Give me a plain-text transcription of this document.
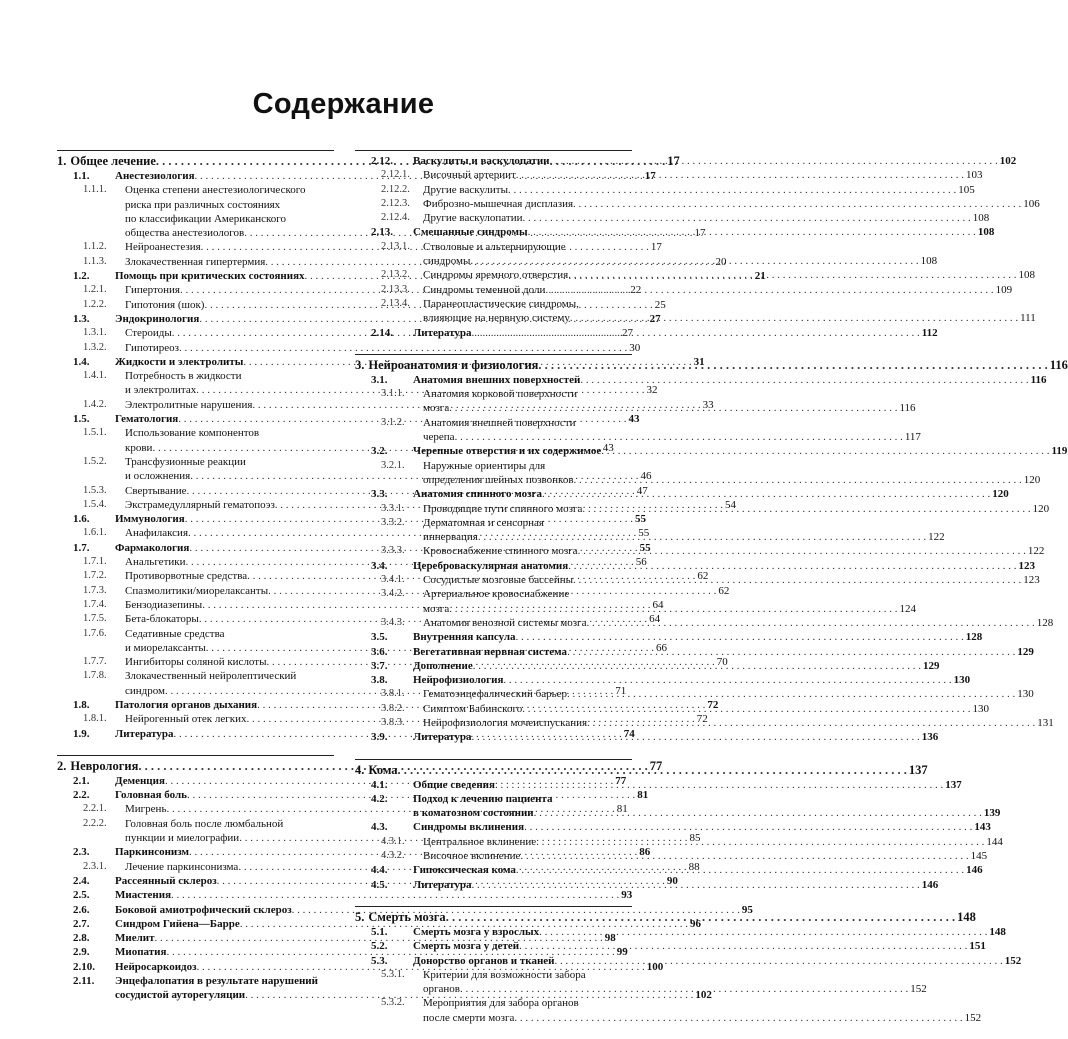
Содержание
1. Общее лечение . . .	17
1.1.	Анестезиология . . .	17
1.1.1.	Оценка степени анестезиологического
риска при различных состояниях
по классификации Американского
общества анестезиологов . . .	17
1.1.2.	Нейроанестезия . . .	17
1.1.3.	Злокачественная гипертермия . . .	20
1.2.	Помощь при критических состояниях . . .	21
1.2.1.	Гипертония . . .	22
1.2.2.	Гипотония (шок) . . .	25
1.3.	Эндокринология . . .	27
1.3.1.	Стероиды . . .	27
1.3.2.	Гипотиреоз . . .	30
1.4.	Жидкости и электролиты . . .	31
1.4.1.	Потребность в жидкости
и электролитах . . .	32
1.4.2.	Электролитные нарушения . . .	33
1.5.	Гематология . . .	43
1.5.1.	Использование компонентов
крови . . .	43
1.5.2.	Трансфузионные реакции
и осложнения . . .	46
1.5.3.	Свертывание . . .	47
1.5.4.	Экстрамедуллярный гематопоэз . . .	54
1.6.	Иммунология . . .	55
1.6.1.	Анафилаксия . . .	55
1.7.	Фармакология . . .	55
1.7.1.	Анальгетики . . .	56
1.7.2.	Противорвотные средства . . .	62
1.7.3.	Спазмолитики/миорелаксанты . . .	62
1.7.4.	Бензодиазепины . . .	64
1.7.5.	Бета-блокаторы . . .	64
1.7.6.	Седативные средства
и миорелаксанты . . .	66
1.7.7.	Ингибиторы соляной кислоты . . .	70
1.7.8.	Злокачественный нейролептический
синдром . . .	71
1.8.	Патология органов дыхания . . .	72
1.8.1.	Нейрогенный отек легких . . .	72
1.9.	Литература . . .	74
2. Неврология . . .	77
2.1.	Деменция . . .	77
2.2.	Головная боль . . .	81
2.2.1.	Мигрень . . .	81
2.2.2.	Головная боль после люмбальной
пункции и миелографии . . .	85
2.3.	Паркинсонизм . . .	86
2.3.1.	Лечение паркинсонизма . . .	88
2.4.	Рассеянный склероз . . .	90
2.5.	Миастения . . .	93
2.6.	Боковой амиотрофический склероз . . .	95
2.7.	Синдром Гийена—Барре . . .	96
2.8.	Миелит . . .	98
2.9.	Миопатия . . .	99
2.10.	Нейросаркоидоз . . .	100
2.11.	Энцефалопатия в результате нарушений
сосудистой ауторегуляции . . .	102
2.12.	Васкулиты и васкулопатии . . .	102
2.12.1.	Височный артериит . . .	103
2.12.2.	Другие васкулиты . . .	105
2.12.3.	Фиброзно-мышечная дисплазия . . .	106
2.12.4.	Другие васкулопатии . . .	108
2.13.	Смешанные синдромы . . .	108
2.13.1.	Стволовые и альтернирующие
синдромы . . .	108
2.13.2.	Синдромы яремного отверстия . . .	108
2.13.3.	Синдромы теменной доли . . .	109
2.13.4.	Паранеопластические синдромы,
влияющие на нервную систему . . .	111
2.14.	Литература . . .	112
3. Нейроанатомия и физиология . . .	116
3.1.	Анатомия внешних поверхностей . . .	116
3.1.1.	Анатомия корковой поверхности
мозга . . .	116
3.1.2.	Анатомия внешней поверхности
черепа . . .	117
3.2.	Черепные отверстия и их содержимое . . .	119
3.2.1.	Наружные ориентиры для
определения шейных позвонков . . .	120
3.3.	Анатомия спинного мозга . . .	120
3.3.1.	Проводящие пути спинного мозга . . .	120
3.3.2.	Дерматомная и сенсорная
иннервация . . .	122
3.3.3.	Кровоснабжение спинного мозга . . .	122
3.4.	Цереброваскулярная анатомия . . .	123
3.4.1.	Сосудистые мозговые бассейны . . .	123
3.4.2.	Артериальное кровоснабжение
мозга . . .	124
3.4.3.	Анатомия венозной системы мозга . . .	128
3.5.	Внутренняя капсула . . .	128
3.6.	Вегетативная нервная система . . .	129
3.7.	Дополнение . . .	129
3.8.	Нейрофизиология . . .	130
3.8.1.	Гематоэнцефалический барьер . . .	130
3.8.2.	Симптом Бабинского . . .	130
3.8.3.	Нейрофизиология мочеиспускания . . .	131
3.9.	Литература . . .	136
4. Кома . . .	137
4.1.	Общие сведения . . .	137
4.2.	Подход к лечению пациента
в коматозном состоянии . . .	139
4.3.	Синдромы вклинения . . .	143
4.3.1.	Центральное вклинение . . .	144
4.3.2.	Височное вклинение . . .	145
4.4.	Гипоксическая кома . . .	146
4.5.	Литература . . .	146
5. Смерть мозга . . .	148
5.1.	Смерть мозга у взрослых . . .	148
5.2.	Смерть мозга у детей . . .	151
5.3.	Донорство органов и тканей . . .	152
5.3.1.	Критерии для возможности забора
органов . . .	152
5.3.2.	Мероприятия для забора органов
после смерти мозга . . .	152
